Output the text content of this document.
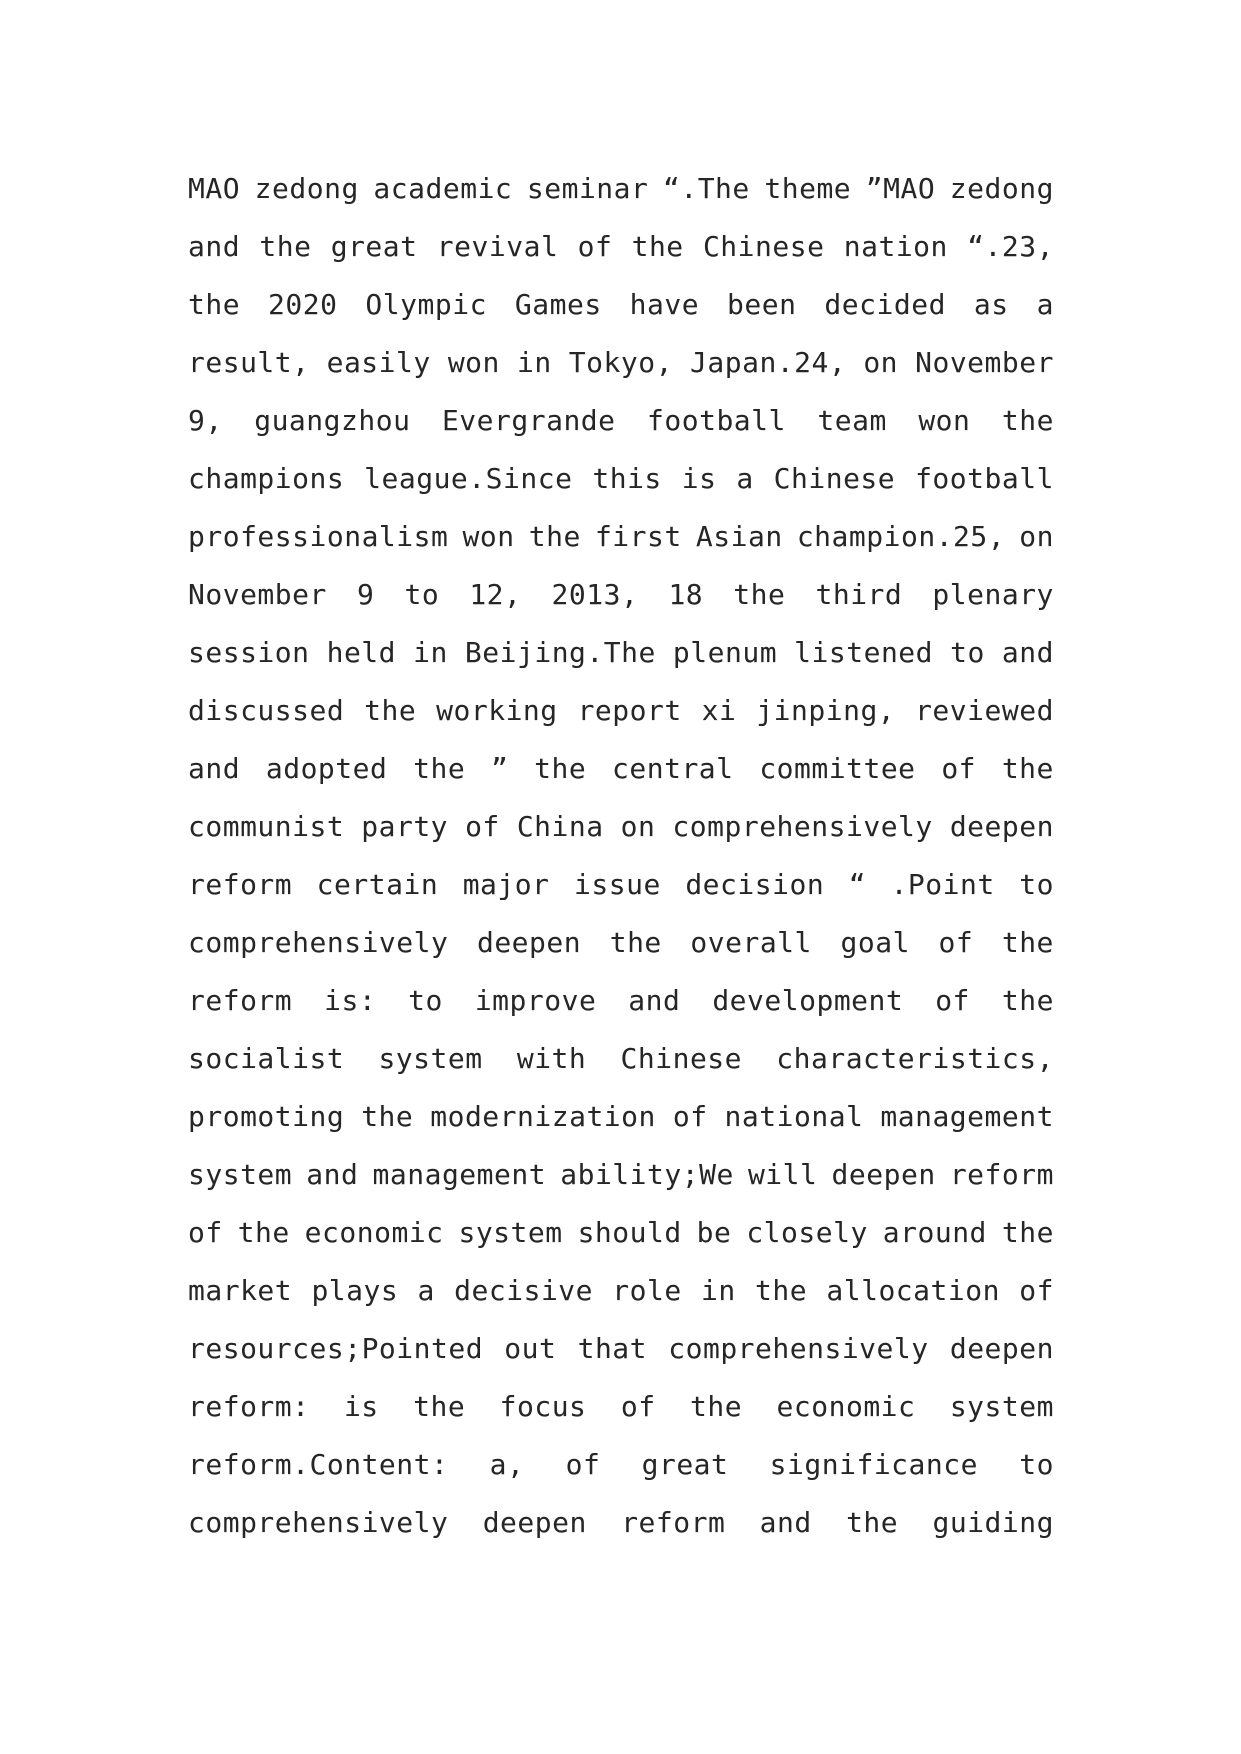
MAO zedong academic seminar “.The theme ”MAO zedong
and the great revival of the Chinese nation “.23,
the 2020 Olympic Games have been decided as a
result, easily won in Tokyo, Japan.24, on November
9, guangzhou Evergrande football team won the
champions league.Since this is a Chinese football
professionalism won the first Asian champion.25, on
November 9 to 12, 2013, 18 the third plenary
session held in Beijing.The plenum listened to and
discussed the working report xi jinping, reviewed
and adopted the ” the central committee of the
communist party of China on comprehensively deepen
reform certain major issue decision “ .Point to
comprehensively deepen the overall goal of the
reform is: to improve and development of the
socialist system with Chinese characteristics,
promoting the modernization of national management
system and management ability;We will deepen reform
of the economic system should be closely around the
market plays a decisive role in the allocation of
resources;Pointed out that comprehensively deepen
reform: is the focus of the economic system
reform.Content: a, of great significance to
comprehensively deepen reform and the guiding
